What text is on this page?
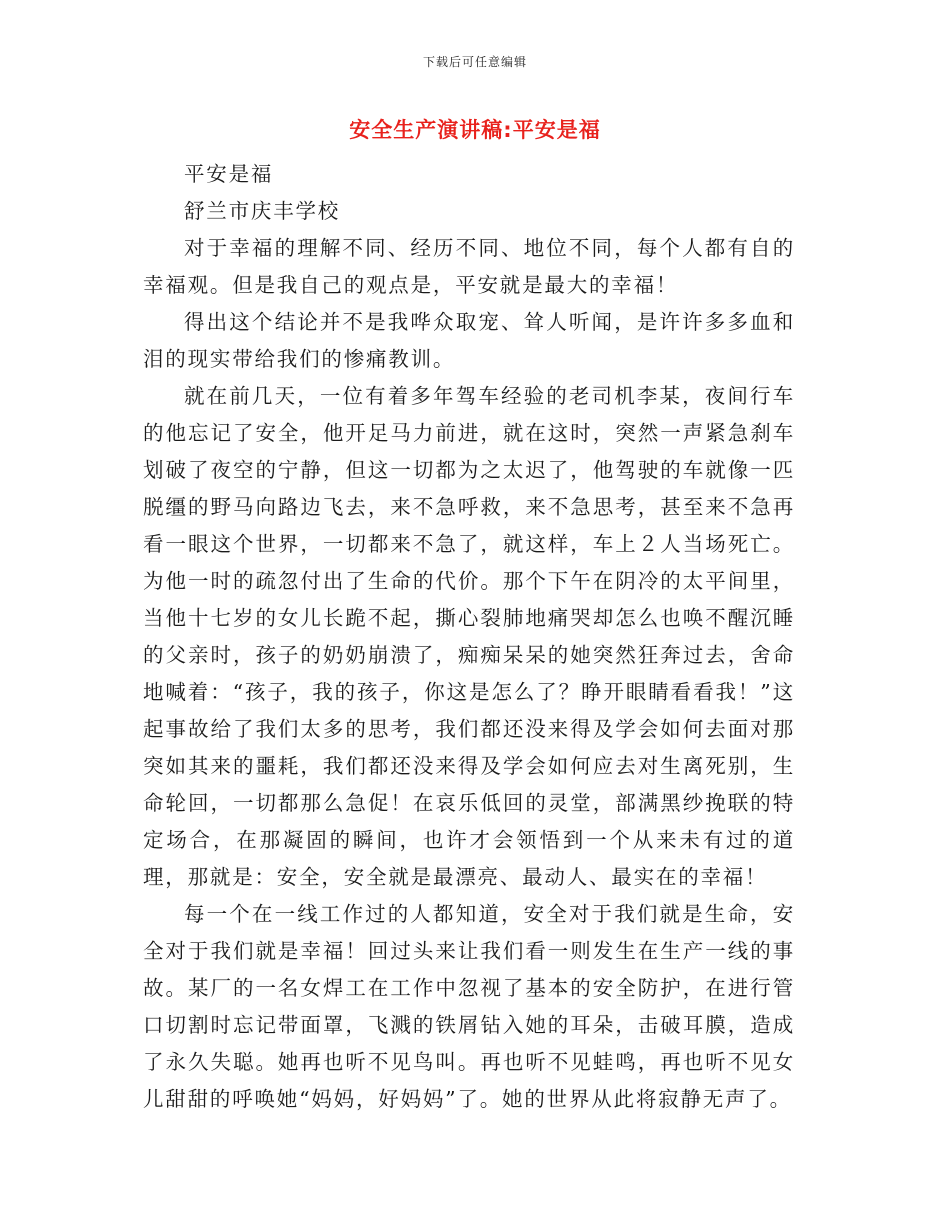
下载后可任意编辑
安全生产演讲稿:平安是福

平安是福

舒兰市庆丰学校

对于幸福的理解不同、经历不同、地位不同，每个人都有自的幸福观。但是我自己的观点是，平安就是最大的幸福！

得出这个结论并不是我哗众取宠、耸人听闻，是许许多多血和泪的现实带给我们的惨痛教训。

就在前几天，一位有着多年驾车经验的老司机李某，夜间行车的他忘记了安全，他开足马力前进，就在这时，突然一声紧急刹车划破了夜空的宁静，但这一切都为之太迟了，他驾驶的车就像一匹脱缰的野马向路边飞去，来不急呼救，来不急思考，甚至来不急再看一眼这个世界，一切都来不急了，就这样，车上２人当场死亡。为他一时的疏忽付出了生命的代价。那个下午在阴冷的太平间里，当他十七岁的女儿长跪不起，撕心裂肺地痛哭却怎么也唤不醒沉睡的父亲时，孩子的奶奶崩溃了，痴痴呆呆的她突然狂奔过去，舍命地喊着：“孩子，我的孩子，你这是怎么了？睁开眼睛看看我！”这起事故给了我们太多的思考，我们都还没来得及学会如何去面对那突如其来的噩耗，我们都还没来得及学会如何应去对生离死别，生命轮回，一切都那么急促！在哀乐低回的灵堂，部满黑纱挽联的特定场合，在那凝固的瞬间，也许才会领悟到一个从来未有过的道理，那就是：安全，安全就是最漂亮、最动人、最实在的幸福！

每一个在一线工作过的人都知道，安全对于我们就是生命，安全对于我们就是幸福！回过头来让我们看一则发生在生产一线的事故。某厂的一名女焊工在工作中忽视了基本的安全防护，在进行管口切割时忘记带面罩，飞溅的铁屑钻入她的耳朵，击破耳膜，造成了永久失聪。她再也听不见鸟叫。再也听不见蛙鸣，再也听不见女儿甜甜的呼唤她“妈妈，好妈妈”了。她的世界从此将寂静无声了。
